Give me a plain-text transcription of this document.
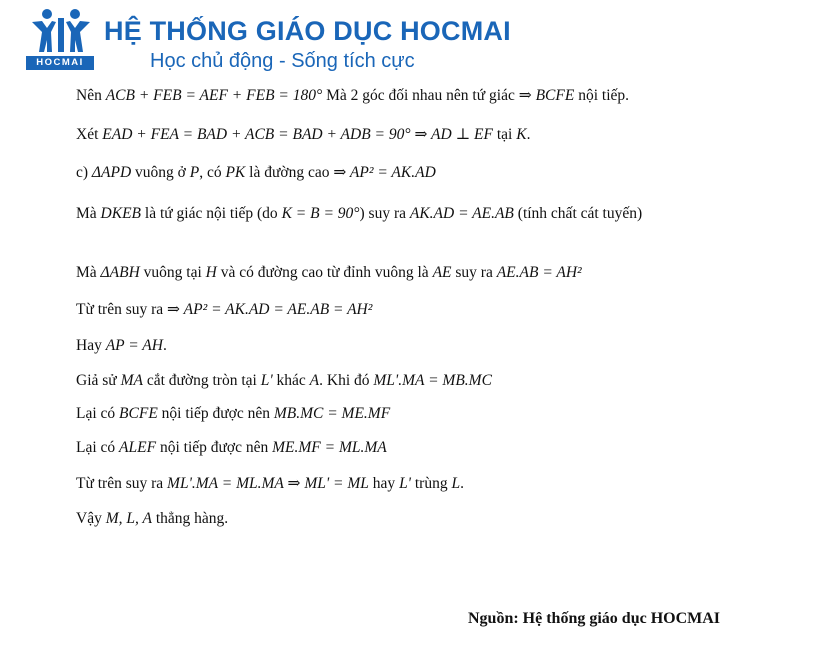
HOCMAI
HỆ THỐNG GIÁO DỤC HOCMAI
Học chủ động - Sống tích cực

Nên ACB + FEB = AEF + FEB = 180° Mà 2 góc đối nhau nên tứ giác ⇒ BCFE nội tiếp.

Xét EAD + FEA = BAD + ACB = BAD + ADB = 90° ⇒ AD ⊥ EF tại K.

c) ΔAPD vuông ở P, có PK là đường cao ⇒ AP² = AK.AD

Mà DKEB là tứ giác nội tiếp (do K = B = 90°) suy ra AK.AD = AE.AB (tính chất cát tuyến)

Mà ΔABH vuông tại H và có đường cao từ đỉnh vuông là AE suy ra AE.AB = AH²

Từ trên suy ra ⇒ AP² = AK.AD = AE.AB = AH²

Hay AP = AH.

Giả sử MA cắt đường tròn tại L' khác A. Khi đó ML'.MA = MB.MC

Lại có BCFE nội tiếp được nên MB.MC = ME.MF

Lại có ALEF nội tiếp được nên ME.MF = ML.MA

Từ trên suy ra ML'.MA = ML.MA ⇒ ML' = ML hay L' trùng L.

Vậy M, L, A thẳng hàng.

Nguồn: Hệ thống giáo dục HOCMAI
